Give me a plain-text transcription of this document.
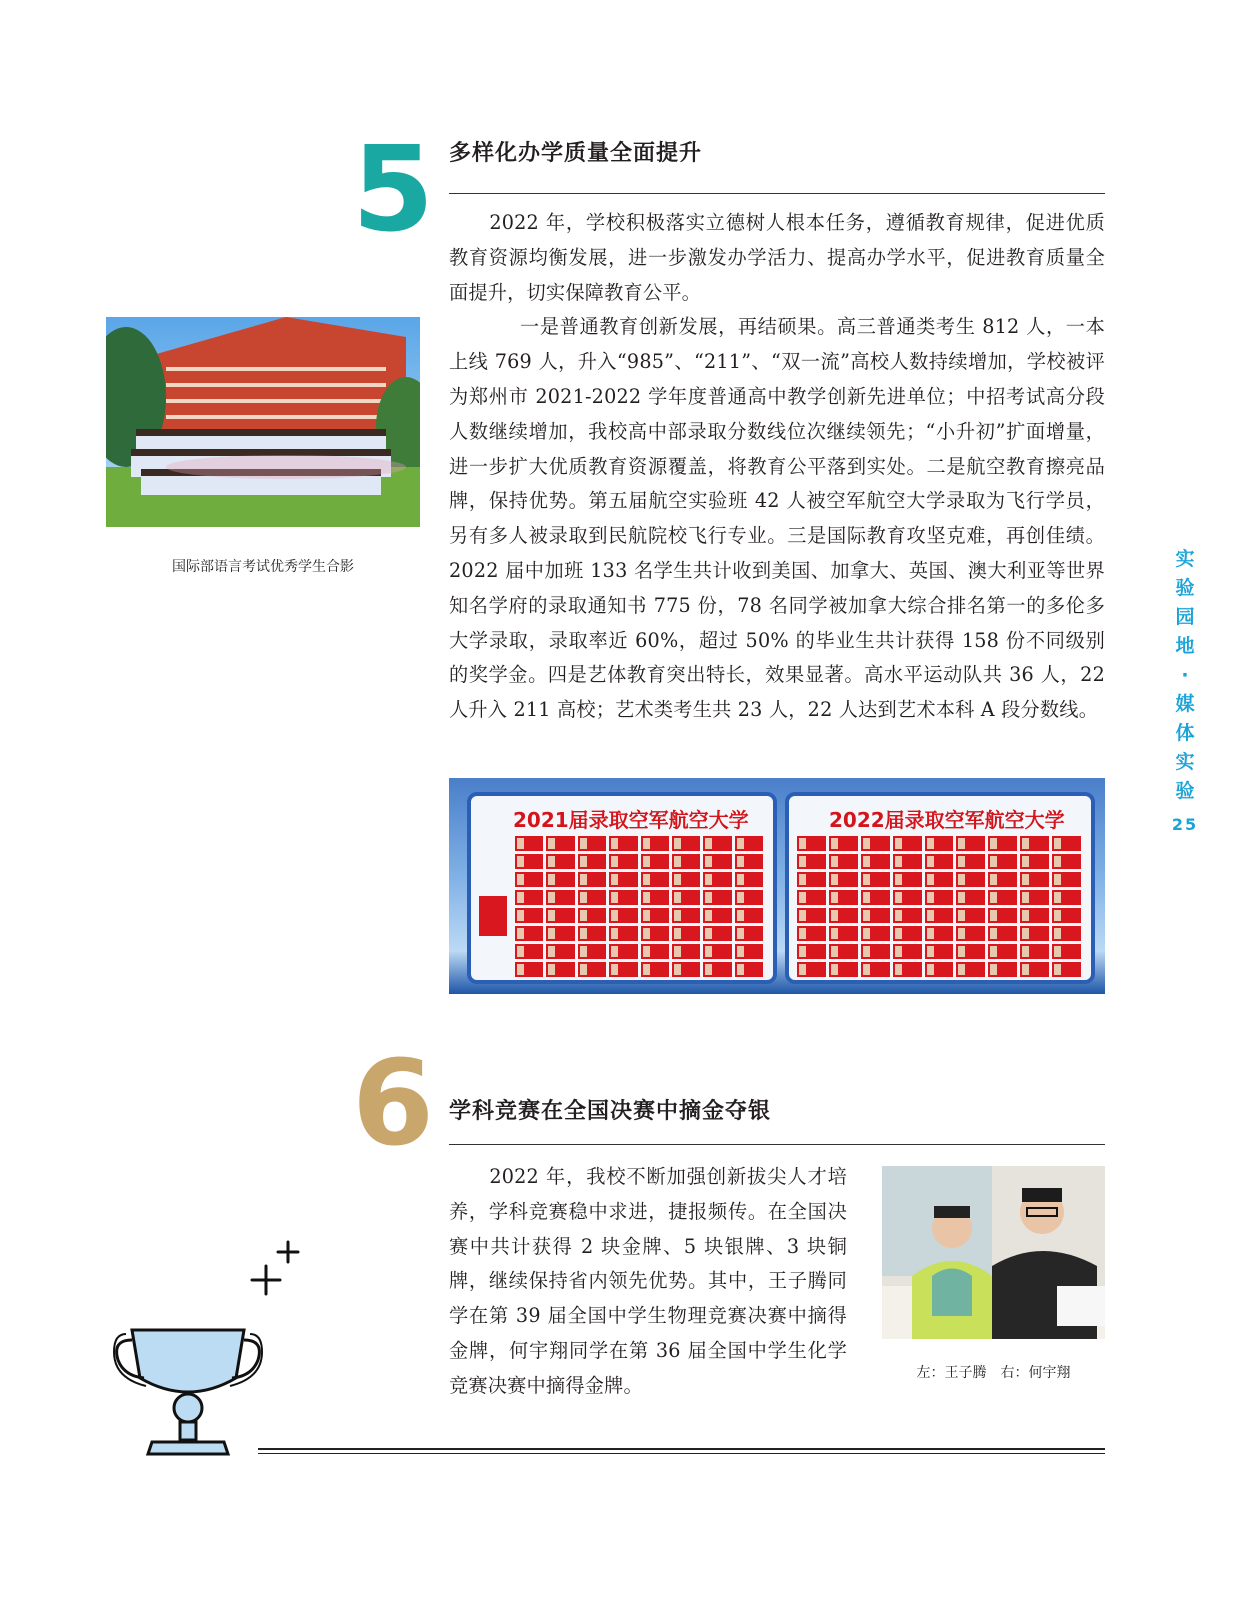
5 多样化办学质量全面提升

2022 年，学校积极落实立德树人根本任务，遵循教育规律，促进优质教育资源均衡发展，进一步激发办学活力、提高办学水平，促进教育质量全面提升，切实保障教育公平。

一是普通教育创新发展，再结硕果。高三普通类考生 812 人，一本上线 769 人，升入“985”、“211”、“双一流”高校人数持续增加，学校被评为郑州市 2021-2022 学年度普通高中教学创新先进单位；中招考试高分段人数继续增加，我校高中部录取分数线位次继续领先；“小升初”扩面增量，进一步扩大优质教育资源覆盖，将教育公平落到实处。二是航空教育擦亮品牌，保持优势。第五届航空实验班 42 人被空军航空大学录取为飞行学员，另有多人被录取到民航院校飞行专业。三是国际教育攻坚克难，再创佳绩。2022 届中加班 133 名学生共计收到美国、加拿大、英国、澳大利亚等世界知名学府的录取通知书 775 份，78 名同学被加拿大综合排名第一的多伦多大学录取，录取率近 60%，超过 50% 的毕业生共计获得 158 份不同级别的奖学金。四是艺体教育突出特长，效果显著。高水平运动队共 36 人，22 人升入 211 高校；艺术类考生共 23 人，22 人达到艺术本科 A 段分数线。

国际部语言考试优秀学生合影
2021届录取空军航空大学	2022届录取空军航空大学
6 学科竞赛在全国决赛中摘金夺银

2022 年，我校不断加强创新拔尖人才培养，学科竞赛稳中求进，捷报频传。在全国决赛中共计获得 2 块金牌、5 块银牌、3 块铜牌，继续保持省内领先优势。其中，王子腾同学在第 39 届全国中学生物理竞赛决赛中摘得金牌，何宇翔同学在第 36 届全国中学生化学竞赛决赛中摘得金牌。

左：王子腾　右：何宇翔
实
验
园
地
·
媒
体
实
验
25
